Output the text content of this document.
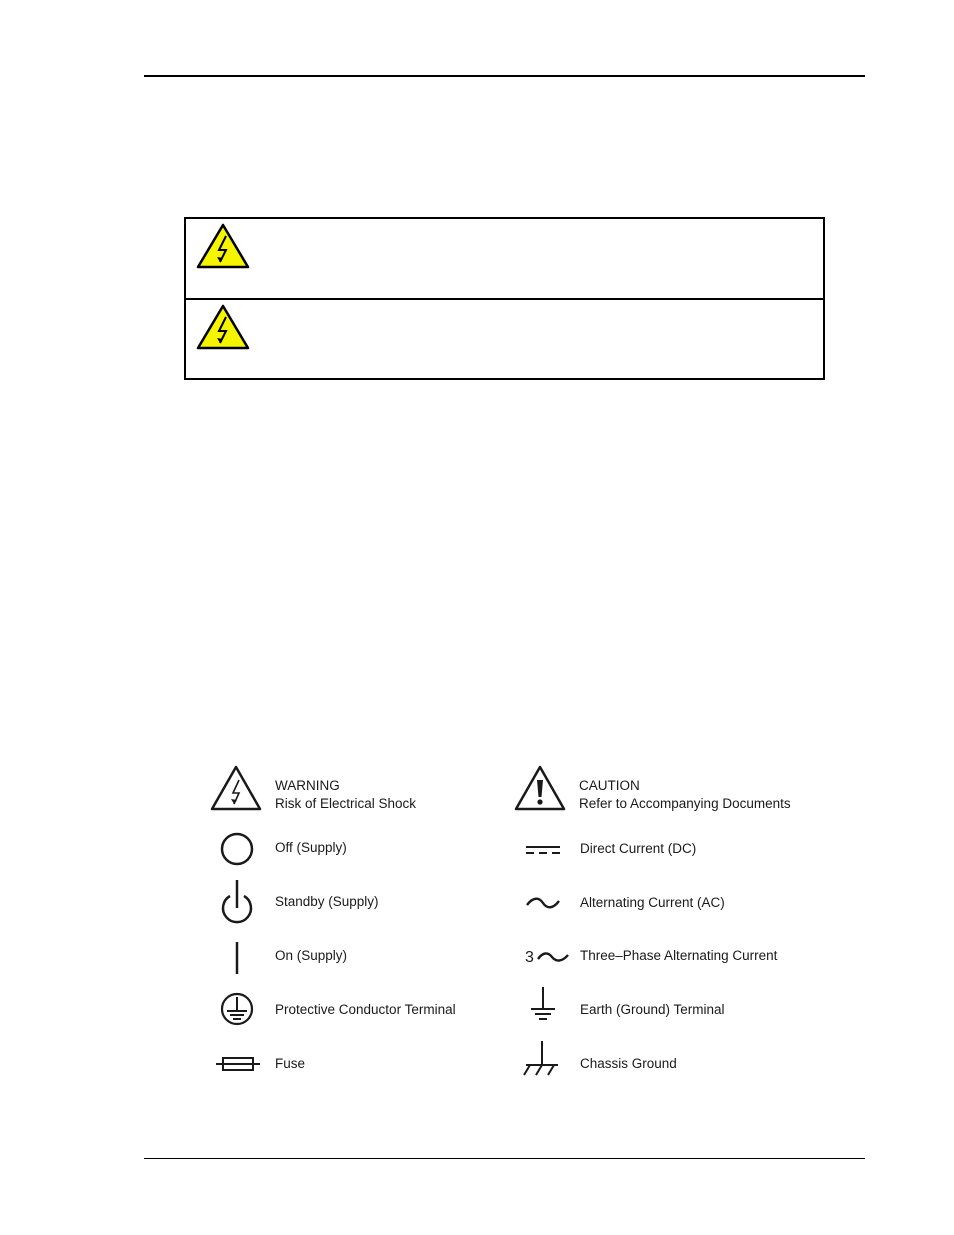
WARNING
Risk of Electrical Shock
Off (Supply)
Standby (Supply)
On (Supply)
Protective Conductor Terminal
Fuse
CAUTION
Refer to Accompanying Documents
Direct Current (DC)
Alternating Current (AC)
3	Three–Phase Alternating Current
Earth (Ground) Terminal
Chassis Ground
